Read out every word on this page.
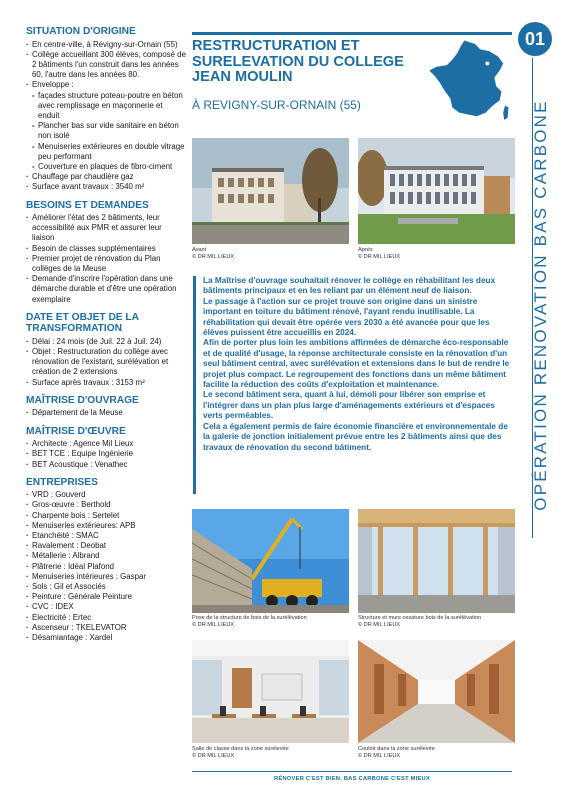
SITUATION D'ORIGINE
· En centre-ville, à Révigny-sur-Ornain (55)
· Collège accueillant 300 élèves, composé de 2 bâtiments l'un construit dans les années 60, l'autre dans les années 80.
· Enveloppe :
- façades structure poteau-poutre en béton avec remplissage en maçonnerie et enduit
- Plancher bas sur vide sanitaire en béton non isolé
- Menuiseries extérieures en double vitrage peu performant
- Couverture en plaques de fibro-ciment
· Chauffage par chaudière gaz
· Surface avant travaux : 3540 m²
BESOINS ET DEMANDES
· Améliorer l'état des 2 bâtiments, leur accessibilité aux PMR et assurer leur liaison
· Besoin de classes supplémentaires
· Premier projet de rénovation du Plan collèges de la Meuse
· Demande d'inscrire l'opération dans une démarche durable et d'être une opération exemplaire
DATE ET OBJET DE LA TRANSFORMATION
· Délai : 24 mois (de Juil. 22 à Juil. 24)
· Objet : Restructuration du collège avec rénovation de l'existant, surélévation et création de 2 extensions
· Surface après travaux : 3153 m²
MAÎTRISE D'OUVRAGE
· Département de la Meuse
MAÎTRISE D'ŒUVRE
· Architecte : Agence Mil Lieux
· BET TCE : Equipe Ingénierie
· BET Acoustique : Venathec
ENTREPRISES
· VRD : Gouverd
· Gros-œuvre : Berthold
· Charpente bois : Sertelet
· Menuiseries extérieures: APB
· Etanchéité : SMAC
· Ravalement : Deobat
· Métallerie : Albrand
· Plâtrerie : Idéal Plafond
· Menuiseries intérieures : Gaspar
· Sols : Gil et Associés
· Peinture : Générale Peinture
· CVC : IDEX
· Electricité : Ertec
· Ascenseur : TKELEVATOR
· Désamiantage : Xardel
RESTRUCTURATION ET SURELEVATION DU COLLEGE JEAN MOULIN
À REVIGNY-SUR-ORNAIN (55)
01
OPÉRATION RENOVATION BAS CARBONE
Avant
© DR MIL LIEUX
Après
© DR MIL LIEUX

La Maîtrise d'ouvrage souhaitait rénover le collège en réhabilitant les deux bâtiments principaux et en les reliant par un élément neuf de liaison.

Le passage à l'action sur ce projet trouve son origine dans un sinistre important en toiture du bâtiment rénové, l'ayant rendu inutilisable. La réhabilitation qui devait être opérée vers 2030 a été avancée pour que les élèves puissent être accueillis en 2024.

Afin de porter plus loin les ambitions affirmées de démarche éco-responsable et de qualité d'usage, la réponse architecturale consiste en la rénovation d'un seul bâtiment central, avec surélévation et extensions dans le but de rendre le projet plus compact. Le regroupement des fonctions dans un même bâtiment facilite la réduction des coûts d'exploitation et maintenance.

Le second bâtiment sera, quant à lui, démoli pour libérer son emprise et l'intégrer dans un plan plus large d'aménagements extérieurs et d'espaces verts perméables.

Cela a également permis de faire économie financière et environnementale de la galerie de jonction initialement prévue entre les 2 bâtiments ainsi que des travaux de rénovation du second bâtiment.

Pose de la structure de bois de la surélévation
© DR MIL LIEUX
Structure et murs ossature bois de la surélévation
© DR MIL LIEUX
Salle de classe dans la zone surélevée
© DR MIL LIEUX
Couloir dans la zone surélevée
© DR MIL LIEUX
RÉNOVER C'EST BIEN, BAS CARBONE C'EST MIEUX
